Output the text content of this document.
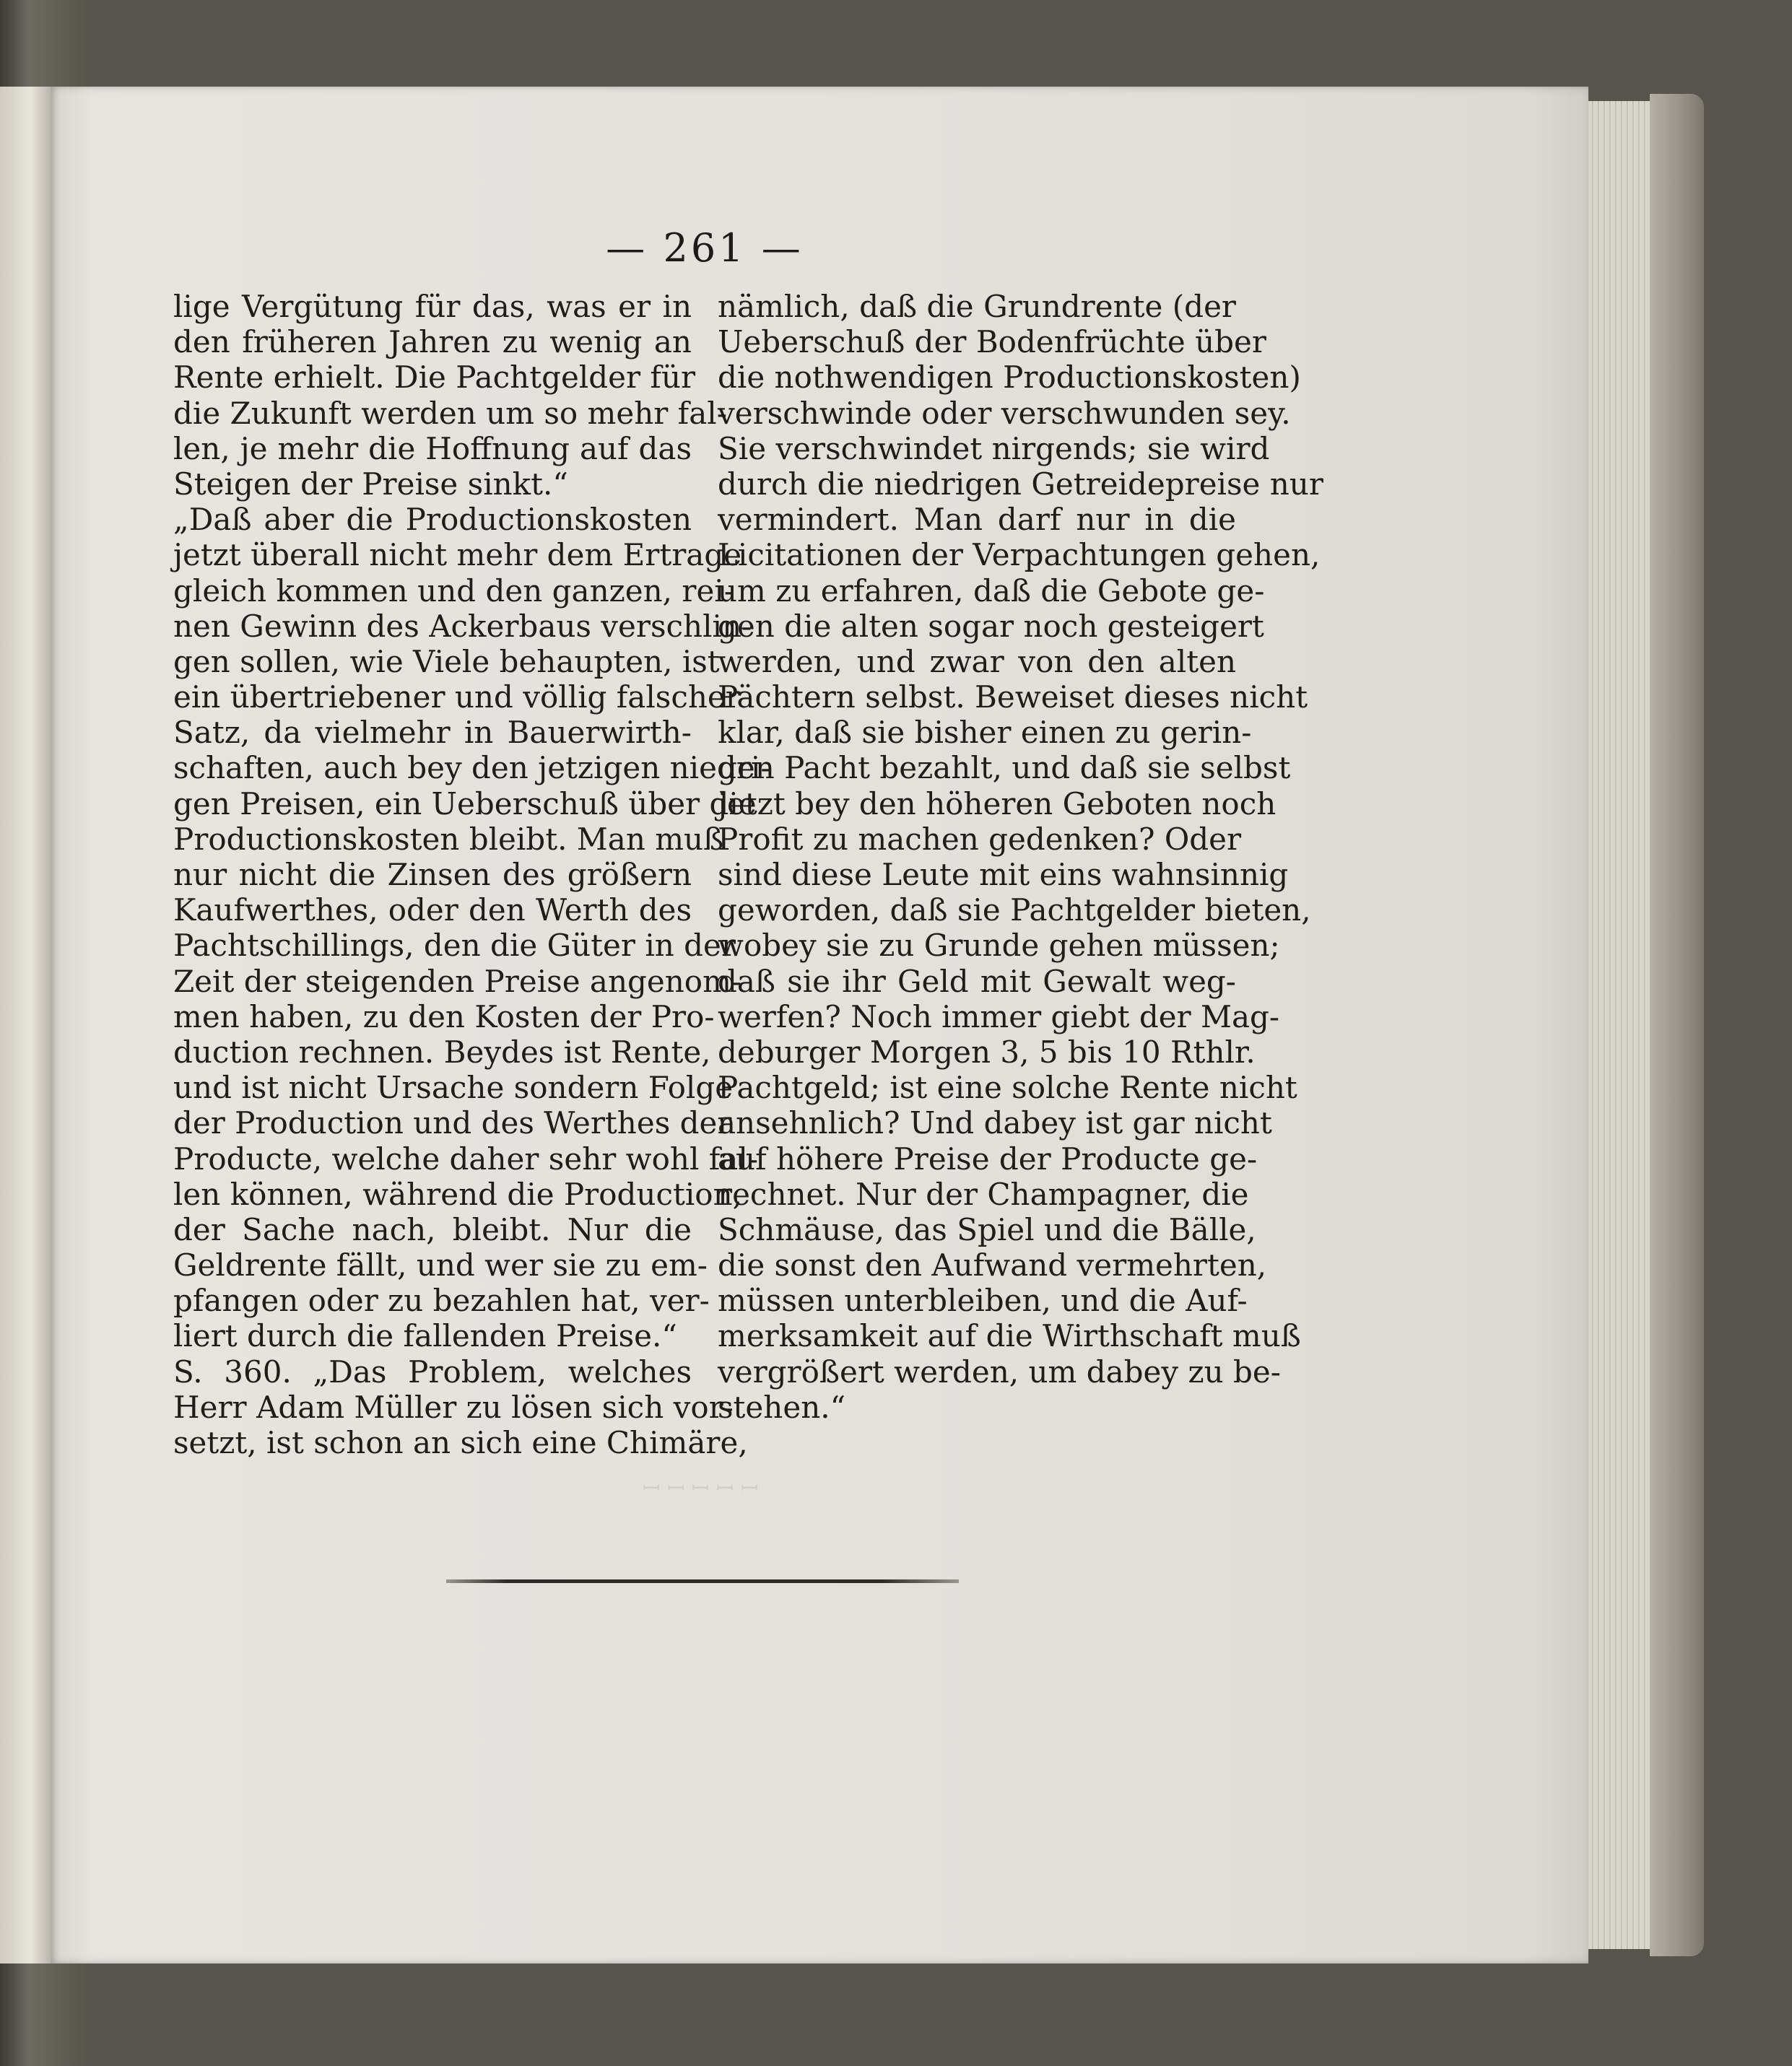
ꟷ ꟷ ꟷ ꟷ ꟷ
— 261 —
lige Vergütung für das, was er in
den früheren Jahren zu wenig an
Rente erhielt. Die Pachtgelder für
die Zukunft werden um so mehr fal-
len, je mehr die Hoffnung auf das
Steigen der Preise sinkt.“
„Daß aber die Productionskosten
jetzt überall nicht mehr dem Ertrage
gleich kommen und den ganzen, rei-
nen Gewinn des Ackerbaus verschlin-
gen sollen, wie Viele behaupten, ist
ein übertriebener und völlig falscher
Satz, da vielmehr in Bauerwirth-
schaften, auch bey den jetzigen niedri-
gen Preisen, ein Ueberschuß über die
Productionskosten bleibt. Man muß
nur nicht die Zinsen des größern
Kaufwerthes, oder den Werth des
Pachtschillings, den die Güter in der
Zeit der steigenden Preise angenom-
men haben, zu den Kosten der Pro-
duction rechnen. Beydes ist Rente,
und ist nicht Ursache sondern Folge
der Production und des Werthes der
Producte, welche daher sehr wohl fal-
len können, während die Production,
der Sache nach, bleibt. Nur die
Geldrente fällt, und wer sie zu em-
pfangen oder zu bezahlen hat, ver-
liert durch die fallenden Preise.“
S. 360. „Das Problem, welches
Herr Adam Müller zu lösen sich vor-
setzt, ist schon an sich eine Chimäre,
nämlich, daß die Grundrente (der
Ueberschuß der Bodenfrüchte über
die nothwendigen Productionskosten)
verschwinde oder verschwunden sey.
Sie verschwindet nirgends; sie wird
durch die niedrigen Getreidepreise nur
vermindert. Man darf nur in die
Licitationen der Verpachtungen gehen,
um zu erfahren, daß die Gebote ge-
gen die alten sogar noch gesteigert
werden, und zwar von den alten
Pächtern selbst. Beweiset dieses nicht
klar, daß sie bisher einen zu gerin-
gen Pacht bezahlt, und daß sie selbst
jetzt bey den höheren Geboten noch
Profit zu machen gedenken? Oder
sind diese Leute mit eins wahnsinnig
geworden, daß sie Pachtgelder bieten,
wobey sie zu Grunde gehen müssen;
daß sie ihr Geld mit Gewalt weg-
werfen? Noch immer giebt der Mag-
deburger Morgen 3, 5 bis 10 Rthlr.
Pachtgeld; ist eine solche Rente nicht
ansehnlich? Und dabey ist gar nicht
auf höhere Preise der Producte ge-
rechnet. Nur der Champagner, die
Schmäuse, das Spiel und die Bälle,
die sonst den Aufwand vermehrten,
müssen unterbleiben, und die Auf-
merksamkeit auf die Wirthschaft muß
vergrößert werden, um dabey zu be-
stehen.“
